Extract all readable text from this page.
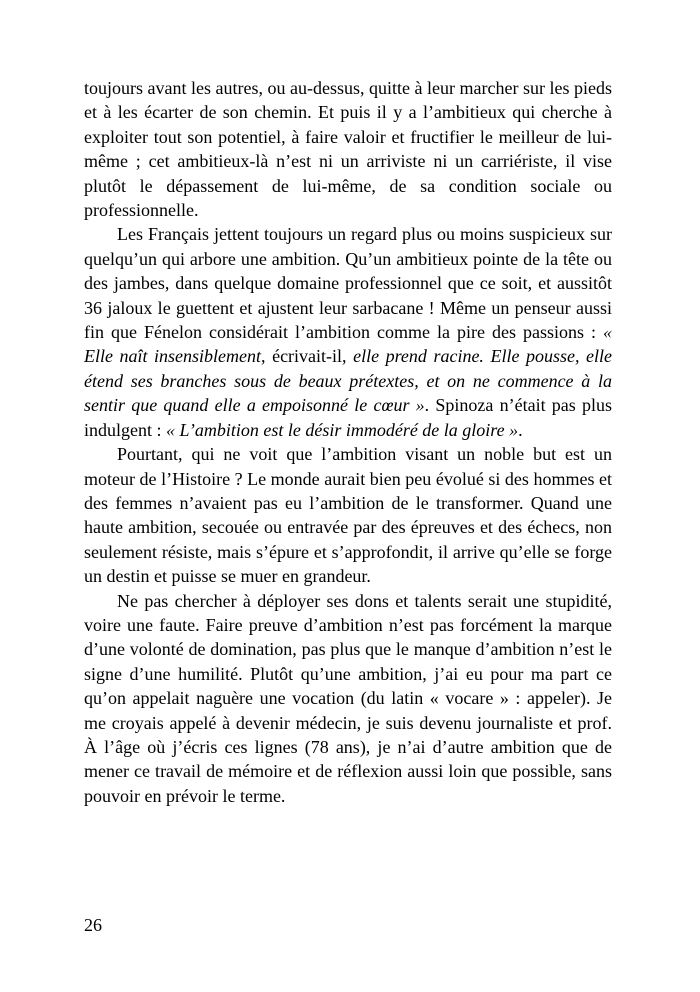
toujours avant les autres, ou au-dessus, quitte à leur marcher sur les pieds et à les écarter de son chemin. Et puis il y a l’ambitieux qui cherche à exploiter tout son potentiel, à faire valoir et fructifier le meilleur de lui-même ; cet ambitieux-là n’est ni un arriviste ni un carriériste, il vise plutôt le dépassement de lui-même, de sa condition sociale ou professionnelle.

Les Français jettent toujours un regard plus ou moins suspicieux sur quelqu’un qui arbore une ambition. Qu’un ambitieux pointe de la tête ou des jambes, dans quelque domaine professionnel que ce soit, et aussitôt 36 jaloux le guettent et ajustent leur sarbacane ! Même un penseur aussi fin que Fénelon considérait l’ambition comme la pire des passions : « Elle naît insensiblement, écrivait-il, elle prend racine. Elle pousse, elle étend ses branches sous de beaux prétextes, et on ne commence à la sentir que quand elle a empoisonné le cœur ». Spinoza n’était pas plus indulgent : « L’ambition est le désir immodéré de la gloire ».

Pourtant, qui ne voit que l’ambition visant un noble but est un moteur de l’Histoire ? Le monde aurait bien peu évolué si des hommes et des femmes n’avaient pas eu l’ambition de le transformer. Quand une haute ambition, secouée ou entravée par des épreuves et des échecs, non seulement résiste, mais s’épure et s’approfondit, il arrive qu’elle se forge un destin et puisse se muer en grandeur.

Ne pas chercher à déployer ses dons et talents serait une stupidité, voire une faute. Faire preuve d’ambition n’est pas forcément la marque d’une volonté de domination, pas plus que le manque d’ambition n’est le signe d’une humilité. Plutôt qu’une ambition, j’ai eu pour ma part ce qu’on appelait naguère une vocation (du latin « vocare » : appeler). Je me croyais appelé à devenir médecin, je suis devenu journaliste et prof. À l’âge où j’écris ces lignes (78 ans), je n’ai d’autre ambition que de mener ce travail de mémoire et de réflexion aussi loin que possible, sans pouvoir en prévoir le terme.

26
